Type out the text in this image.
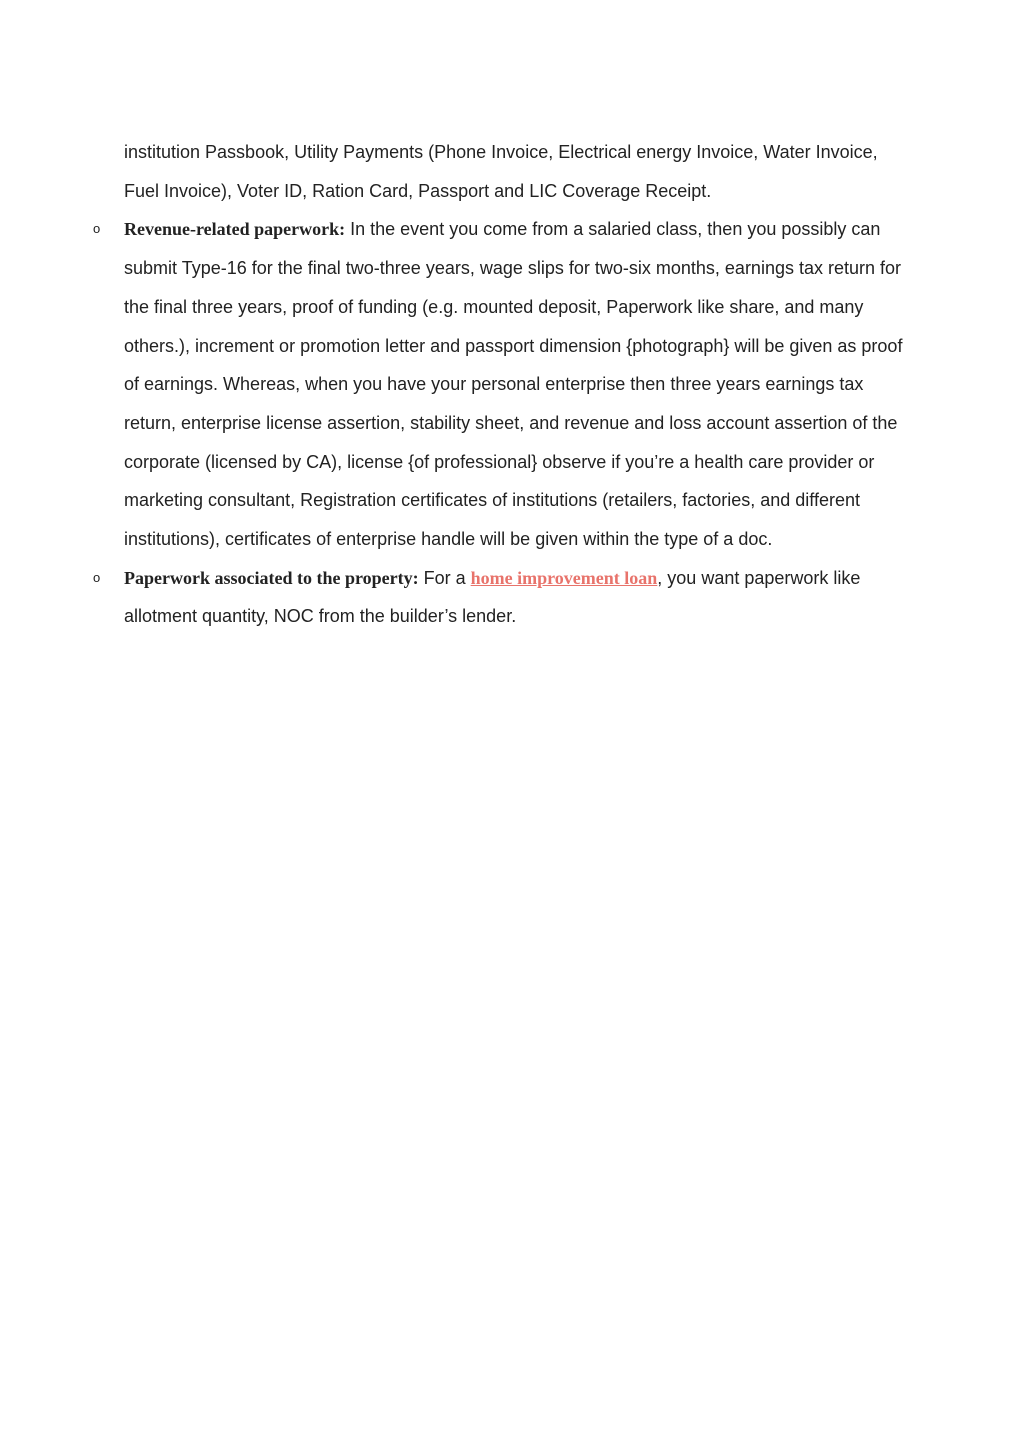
institution Passbook, Utility Payments (Phone Invoice, Electrical energy Invoice, Water Invoice, Fuel Invoice), Voter ID, Ration Card, Passport and LIC Coverage Receipt.

o Revenue-related paperwork: In the event you come from a salaried class, then you possibly can submit Type-16 for the final two-three years, wage slips for two-six months, earnings tax return for the final three years, proof of funding (e.g. mounted deposit, Paperwork like share, and many others.), increment or promotion letter and passport dimension {photograph} will be given as proof of earnings. Whereas, when you have your personal enterprise then three years earnings tax return, enterprise license assertion, stability sheet, and revenue and loss account assertion of the corporate (licensed by CA), license {of professional} observe if you’re a health care provider or marketing consultant, Registration certificates of institutions (retailers, factories, and different institutions), certificates of enterprise handle will be given within the type of a doc.
o Paperwork associated to the property: For a home improvement loan, you want paperwork like allotment quantity, NOC from the builder’s lender.
